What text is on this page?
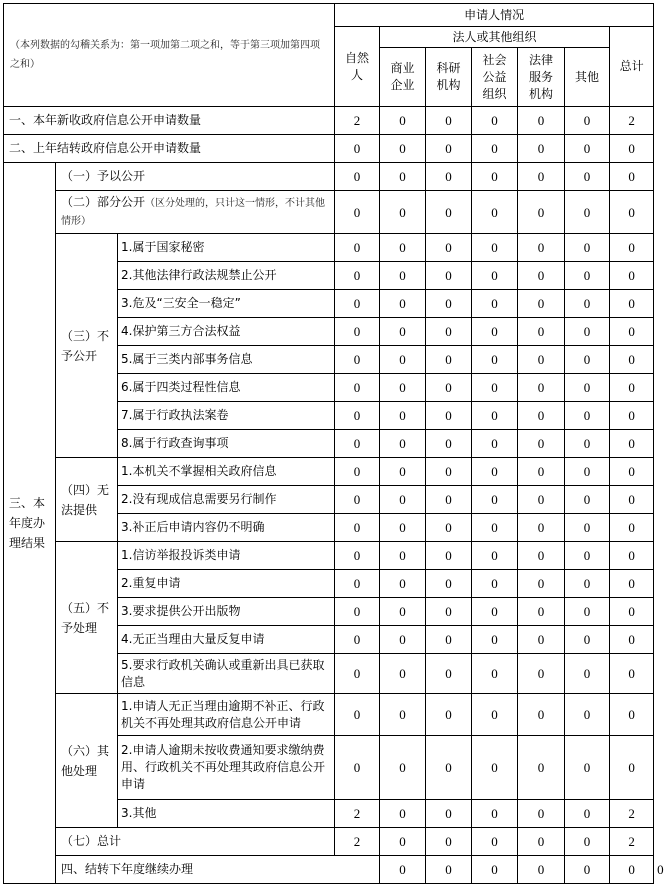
（本列数据的勾稽关系为：第一项加第二项之和，等于第三项加第四项之和）			申请人情况							
			自然人	法人或其他组织					总计	
				商业企业	科研机构	社会公益组织	法律服务机构	其他		
一、本年新收政府信息公开申请数量			2	0	0	0	0	0	2	
二、上年结转政府信息公开申请数量			0	0	0	0	0	0	0	
三、本年度办理结果	（一）予以公开		0	0	0	0	0	0	0	
	（二）部分公开（区分处理的，只计这一情形，不计其他情形）		0	0	0	0	0	0	0	
	（三）不予公开	1.属于国家秘密	0	0	0	0	0	0	0	
		2.其他法律行政法规禁止公开	0	0	0	0	0	0	0	
		3.危及“三安全一稳定”	0	0	0	0	0	0	0	
		4.保护第三方合法权益	0	0	0	0	0	0	0	
		5.属于三类内部事务信息	0	0	0	0	0	0	0	
		6.属于四类过程性信息	0	0	0	0	0	0	0	
		7.属于行政执法案卷	0	0	0	0	0	0	0	
		8.属于行政查询事项	0	0	0	0	0	0	0	
	（四）无法提供	1.本机关不掌握相关政府信息	0	0	0	0	0	0	0	
		2.没有现成信息需要另行制作	0	0	0	0	0	0	0	
		3.补正后申请内容仍不明确	0	0	0	0	0	0	0	
	（五）不予处理	1.信访举报投诉类申请	0	0	0	0	0	0	0	
		2.重复申请	0	0	0	0	0	0	0	
		3.要求提供公开出版物	0	0	0	0	0	0	0	
		4.无正当理由大量反复申请	0	0	0	0	0	0	0	
		5.要求行政机关确认或重新出具已获取信息	0	0	0	0	0	0	0	
	（六）其他处理	1.申请人无正当理由逾期不补正、行政机关不再处理其政府信息公开申请	0	0	0	0	0	0	0	
		2.申请人逾期未按收费通知要求缴纳费用、行政机关不再处理其政府信息公开申请	0	0	0	0	0	0	0	
		3.其他	2	0	0	0	0	0	2	
	（七）总计		2	0	0	0	0	0	2	
	四、结转下年度继续办理			0	0	0	0	0	0	0
